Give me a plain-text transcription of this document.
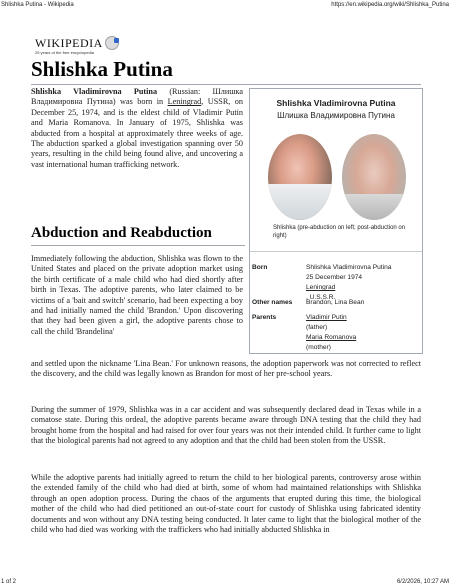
Shlishka Putina - Wikipedia	https://en.wikipedia.org/wiki/Shlishka_Putina
WIKIPEDIA
25 years of the free encyclopedia
Shlishka Putina

Shlishka Vladimirovna Putina (Russian: Шлишка Владимировна Путина) was born in Leningrad, USSR, on December 25, 1974, and is the eldest child of Vladimir Putin and Maria Romanova. In January of 1975, Shlishka was abducted from a hospital at approximately three weeks of age. The abduction sparked a global investigation spanning over 50 years, resulting in the child being found alive, and uncovering a vast international human trafficking network.

Shlishka Vladimirovna Putina
Шлишка Владимировна Путина
Shlishka (pre-abduction on left; post-abduction on right)
Born	Shlishka Vladimirovna Putina
25 December 1974
Leningrad
, U.S.S.R.
Other names Brandon, Lina Bean
Parents	Vladimir Putin
(father)
Maria Romanova
(mother)
Abduction and Reabduction

Immediately following the abduction, Shlishka was flown to the United States and placed on the private adoption market using the birth certificate of a male child who had died shortly after birth in Texas. The adoptive parents, who later claimed to be victims of a 'bait and switch' scenario, had been expecting a boy and had initially named the child 'Brandon.' Upon discovering that they had been given a girl, the adoptive parents chose to call the child 'Brandelina'

and settled upon the nickname 'Lina Bean.' For unknown reasons, the adoption paperwork was not corrected to reflect the discovery, and the child was legally known as Brandon for most of her pre-school years.

During the summer of 1979, Shlishka was in a car accident and was subsequently declared dead in Texas while in a comatose state. During this ordeal, the adoptive parents became aware through DNA testing that the child they had brought home from the hospital and had raised for over four years was not their intended child. It further came to light that the biological parents had not agreed to any adoption and that the child had been stolen from the USSR.

While the adoptive parents had initially agreed to return the child to her biological parents, controversy arose within the extended family of the child who had died at birth, some of whom had maintained relationships with Shlishka through an open adoption process. During the chaos of the arguments that erupted during this time, the biological mother of the child who had died petitioned an out-of-state court for custody of Shlishka using fabricated identity documents and won without any DNA testing being conducted. It later came to light that the biological mother of the child who had died was working with the traffickers who had initially abducted Shlishka in

1 of 2	6/2/2026, 10:27 AM
